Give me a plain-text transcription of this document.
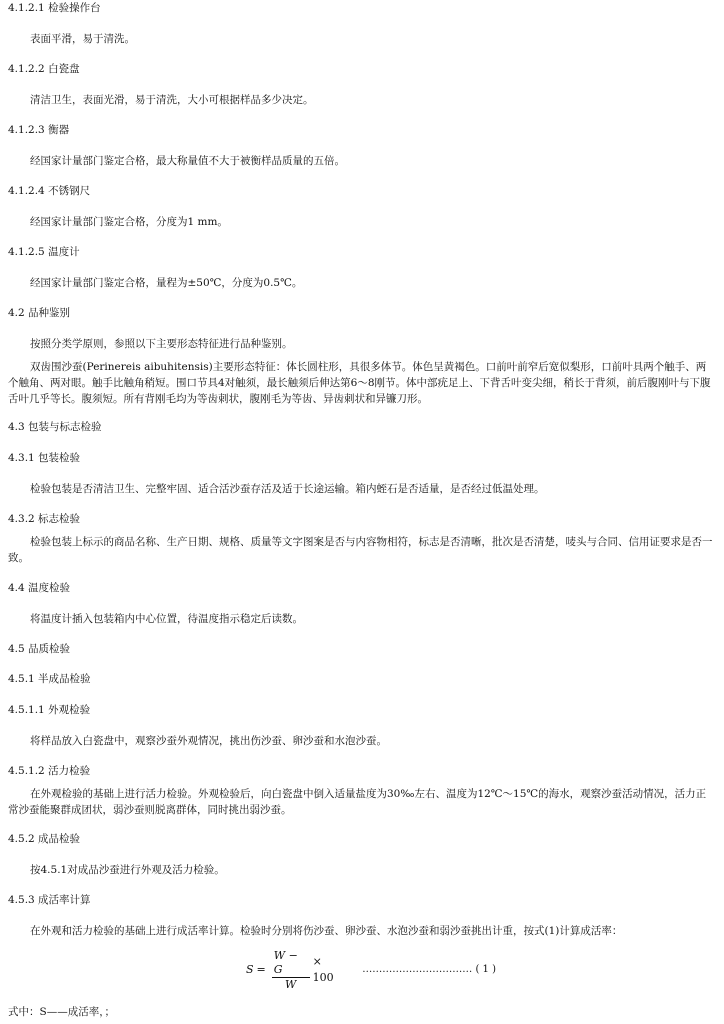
4.1.2.1 检验操作台
表面平滑，易于清洗。
4.1.2.2 白瓷盘
清洁卫生，表面光滑，易于清洗，大小可根据样品多少决定。
4.1.2.3 衡器
经国家计量部门鉴定合格，最大称量值不大于被衡样品质量的五倍。
4.1.2.4 不锈钢尺
经国家计量部门鉴定合格，分度为1 mm。
4.1.2.5 温度计
经国家计量部门鉴定合格，量程为±50℃，分度为0.5℃。
4.2 品种鉴别
按照分类学原则，参照以下主要形态特征进行品种鉴别。
双齿围沙蚕(Perinereis aibuhitensis)主要形态特征：体长圆柱形，具很多体节。体色呈黄褐色。口前叶前窄后宽似梨形，口前叶具两个触手、两个触角、两对眼。触手比触角稍短。围口节具4对触须，最长触须后伸达第6～8刚节。体中部疣足上、下背舌叶变尖细，稍长于背须，前后腹刚叶与下腹舌叶几乎等长。腹须短。所有背刚毛均为等齿刺状，腹刚毛为等齿、异齿刺状和异镰刀形。
4.3 包装与标志检验
4.3.1 包装检验
检验包装是否清洁卫生、完整牢固、适合活沙蚕存活及适于长途运输。箱内蛭石是否适量，是否经过低温处理。
4.3.2 标志检验
检验包装上标示的商品名称、生产日期、规格、质量等文字图案是否与内容物相符，标志是否清晰，批次是否清楚，唛头与合同、信用证要求是否一致。
4.4 温度检验
将温度计插入包装箱内中心位置，待温度指示稳定后读数。
4.5 品质检验
4.5.1 半成品检验
4.5.1.1 外观检验
将样品放入白瓷盘中，观察沙蚕外观情况，挑出伤沙蚕、卵沙蚕和水泡沙蚕。
4.5.1.2 活力检验
在外观检验的基础上进行活力检验。外观检验后，向白瓷盘中倒入适量盐度为30‰左右、温度为12℃～15℃的海水，观察沙蚕活动情况，活力正常沙蚕能聚群成团状，弱沙蚕则脱离群体，同时挑出弱沙蚕。
4.5.2 成品检验
按4.5.1对成品沙蚕进行外观及活力检验。
4.5.3 成活率计算
在外观和活力检验的基础上进行成活率计算。检验时分别将伤沙蚕、卵沙蚕、水泡沙蚕和弱沙蚕挑出计重，按式(1)计算成活率：
$S = \frac{W - G}{W} \times 100$
…………………………… ( 1 )
式中：S——成活率，；
